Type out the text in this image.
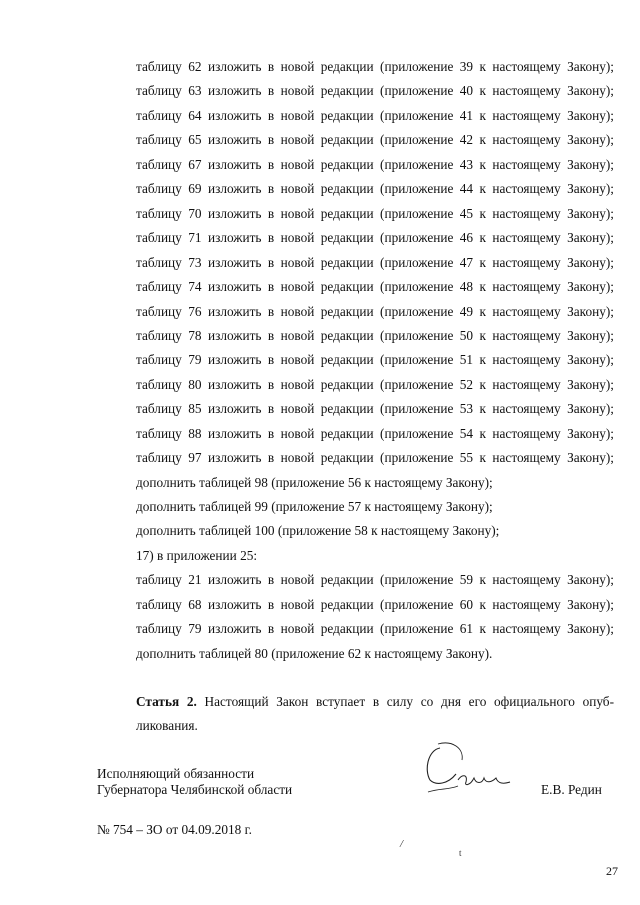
таблицу 62 изложить в новой редакции (приложение 39 к настоящему Закону);
таблицу 63 изложить в новой редакции (приложение 40 к настоящему Закону);
таблицу 64 изложить в новой редакции (приложение 41 к настоящему Закону);
таблицу 65 изложить в новой редакции (приложение 42 к настоящему Закону);
таблицу 67 изложить в новой редакции (приложение 43 к настоящему Закону);
таблицу 69 изложить в новой редакции (приложение 44 к настоящему Закону);
таблицу 70 изложить в новой редакции (приложение 45 к настоящему Закону);
таблицу 71 изложить в новой редакции (приложение 46 к настоящему Закону);
таблицу 73 изложить в новой редакции (приложение 47 к настоящему Закону);
таблицу 74 изложить в новой редакции (приложение 48 к настоящему Закону);
таблицу 76 изложить в новой редакции (приложение 49 к настоящему Закону);
таблицу 78 изложить в новой редакции (приложение 50 к настоящему Закону);
таблицу 79 изложить в новой редакции (приложение 51 к настоящему Закону);
таблицу 80 изложить в новой редакции (приложение 52 к настоящему Закону);
таблицу 85 изложить в новой редакции (приложение 53 к настоящему Закону);
таблицу 88 изложить в новой редакции (приложение 54 к настоящему Закону);
таблицу 97 изложить в новой редакции (приложение 55 к настоящему Закону);
дополнить таблицей 98 (приложение 56 к настоящему Закону);
дополнить таблицей 99 (приложение 57 к настоящему Закону);
дополнить таблицей 100 (приложение 58 к настоящему Закону);
17) в приложении 25:
таблицу 21 изложить в новой редакции (приложение 59 к настоящему Закону);
таблицу 68 изложить в новой редакции (приложение 60 к настоящему Закону);
таблицу 79 изложить в новой редакции (приложение 61 к настоящему Закону);
дополнить таблицей 80 (приложение 62 к настоящему Закону).
Статья 2. Настоящий Закон вступает в силу со дня его официального опуб-
ликования.
Исполняющий обязанности
Губернатора Челябинской области	Е.В. Редин
№ 754 – ЗО от 04.09.2018 г.
/
t
27
